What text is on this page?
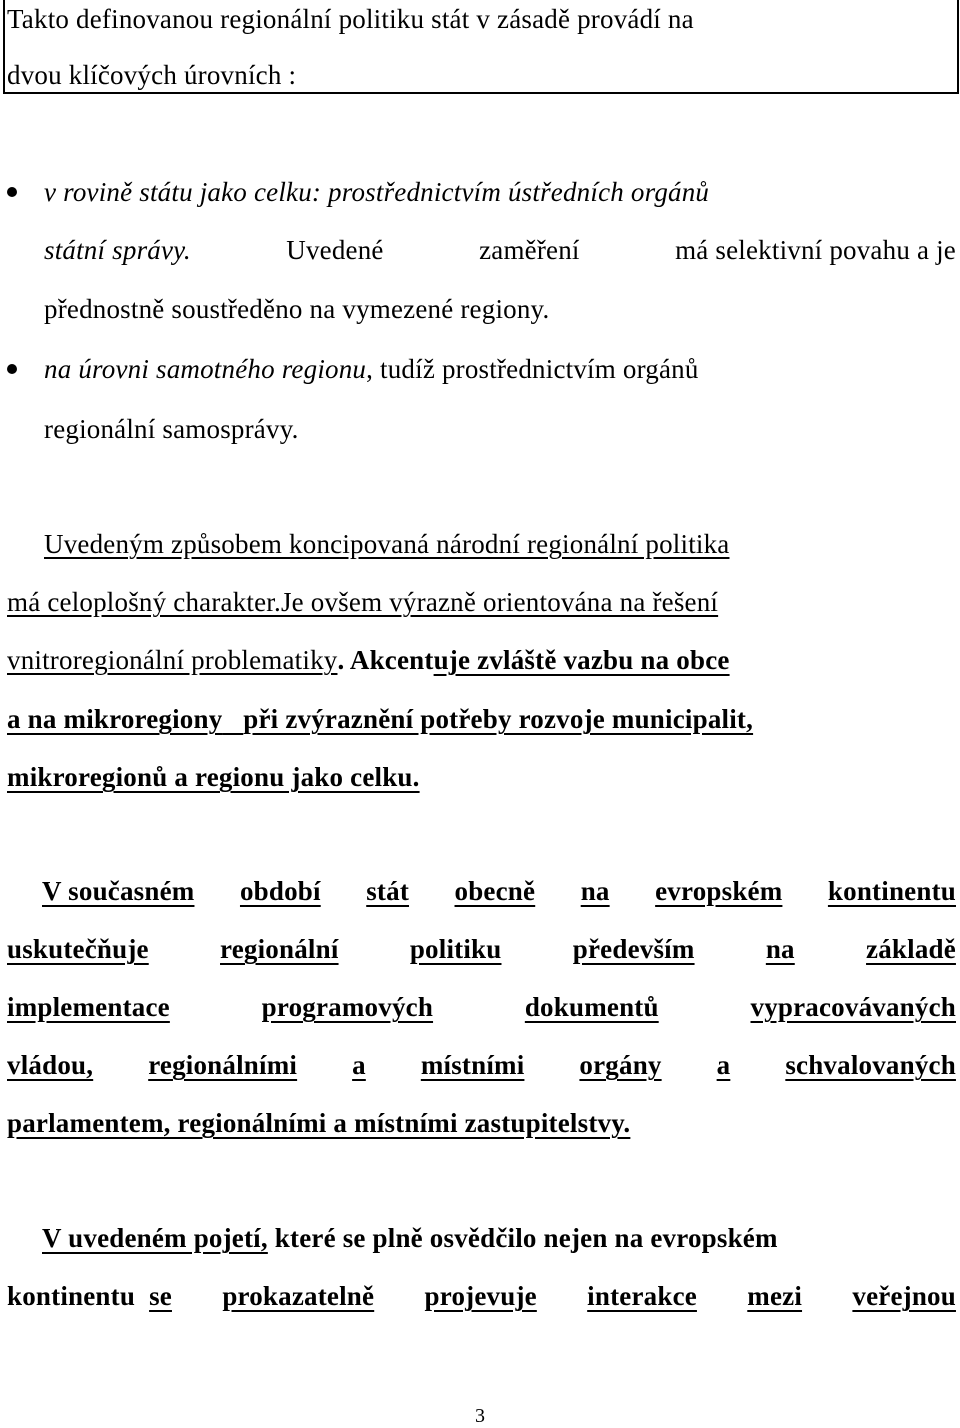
Takto definovanou regionální politiku stát v zásadě provádí na
dvou klíčových úrovních :
v rovině státu jako celku: prostřednictvím ústředních orgánů
státní správy.	Uvedené	zaměření	má selektivní povahu a je
přednostně soustředěno na vymezené regiony.
na úrovni samotného regionu, tudíž prostřednictvím orgánů
regionální samosprávy.
Uvedeným způsobem koncipovaná národní regionální politika
má celoplošný charakter.Je ovšem výrazně orientována na řešení
vnitroregionální problematiky. Akcentuje zvláště vazbu na obce
a na mikroregiony při zvýraznění potřeby rozvoje municipalit,
mikroregionů a regionu jako celku.
V současném období stát obecně na evropském kontinentu
uskutečňuje	regionální	politiku	především	na	základě
implementace	programových	dokumentů	vypracovávaných
vládou, regionálními a místními orgány a schvalovaných
parlamentem, regionálními a místními zastupitelstvy.
V uvedeném pojetí, které se plně osvědčilo nejen na evropském
kontinentu se prokazatelně projevuje interakce mezi veřejnou
3
